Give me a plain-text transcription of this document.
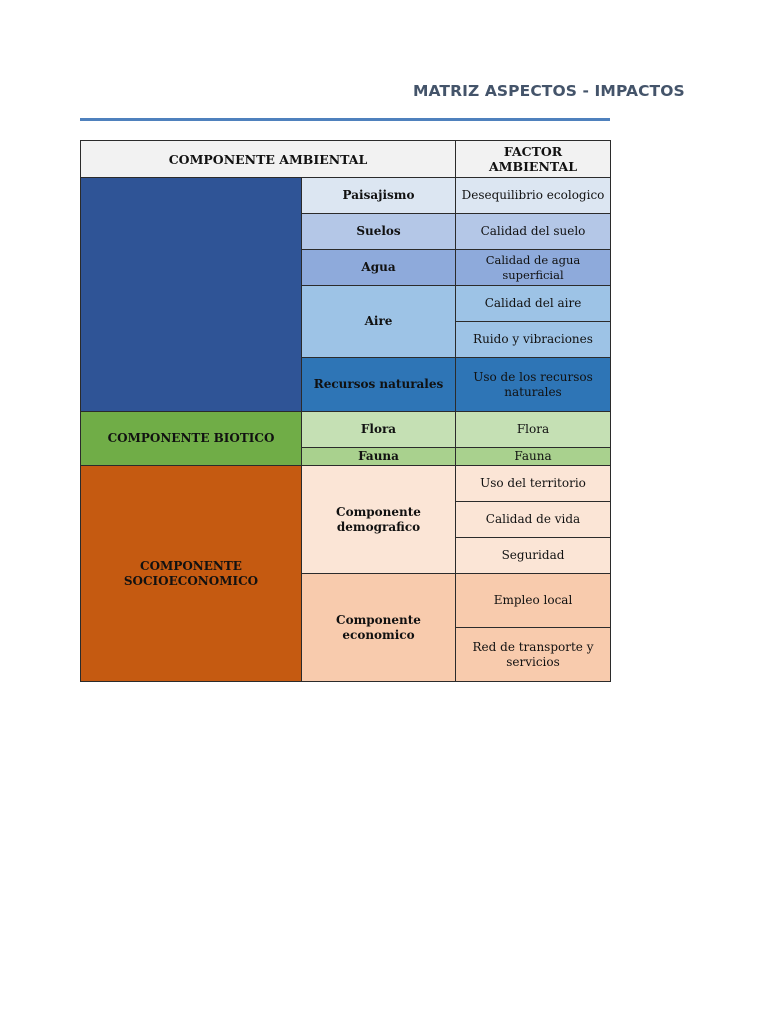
MATRIZ ASPECTOS - IMPACTOS
COMPONENTE AMBIENTAL		FACTOR AMBIENTAL
	Paisajismo	Desequilibrio ecologico
	Suelos	Calidad del suelo
	Agua	Calidad de agua superficial
	Aire	Calidad del aire
		Ruido y vibraciones
	Recursos naturales	Uso de los recursos naturales
COMPONENTE BIOTICO	Flora	Flora
	Fauna	Fauna
COMPONENTE SOCIOECONOMICO	Componente demografico	Uso del territorio
		Calidad de vida
		Seguridad
	Componente economico	Empleo local
		Red de transporte y servicios
